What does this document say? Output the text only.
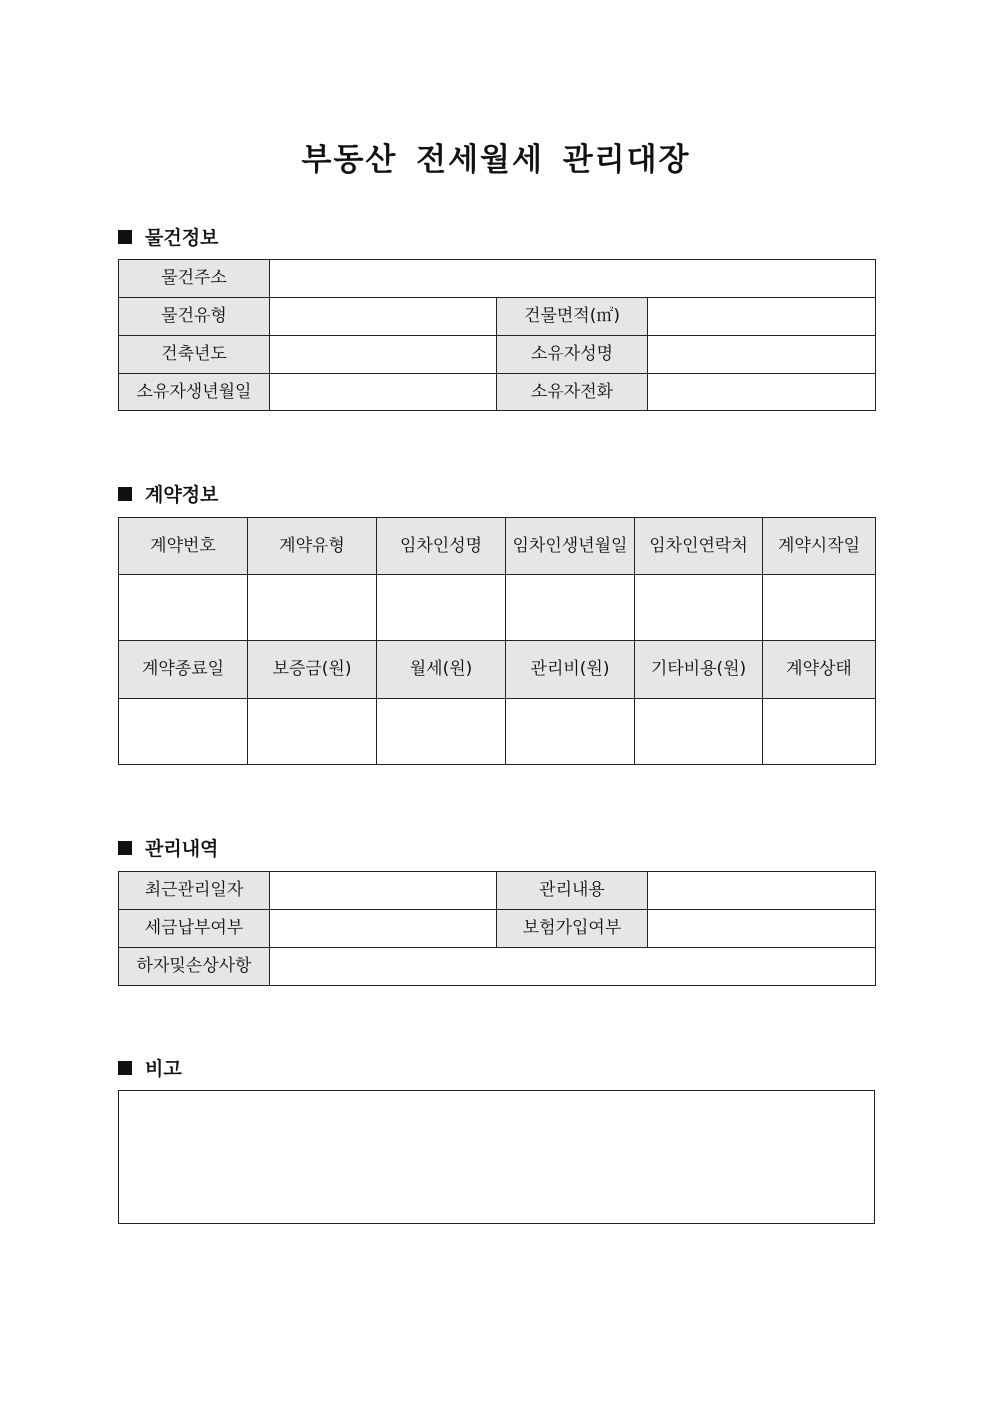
부동산 전세월세 관리대장
물건정보
물건주소			
물건유형		건물면적(㎡)	
건축년도		소유자성명	
소유자생년월일		소유자전화	
계약정보
계약번호	계약유형	임차인성명	임차인생년월일	임차인연락처	계약시작일

계약종료일	보증금(원)	월세(원)	관리비(원)	기타비용(원)	계약상태

관리내역
최근관리일자		관리내용	
세금납부여부		보험가입여부	
하자및손상사항			
비고
